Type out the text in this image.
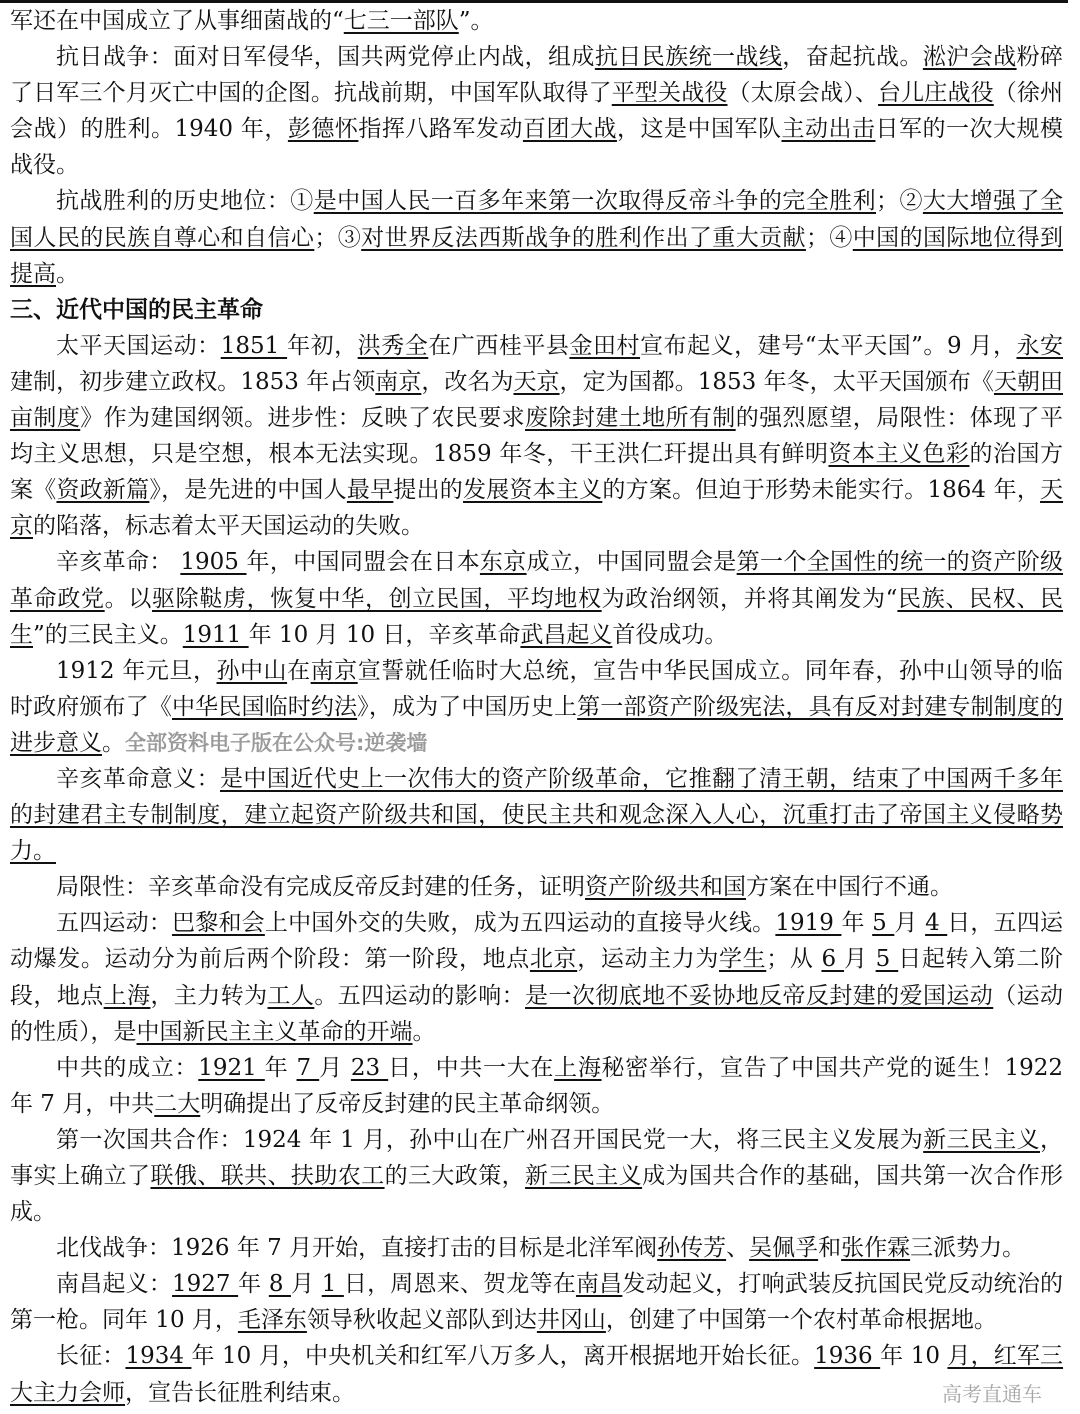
军还在中国成立了从事细菌战的“七三一部队”。

抗日战争：面对日军侵华，国共两党停止内战，组成抗日民族统一战线，奋起抗战。淞沪会战粉碎了日军三个月灭亡中国的企图。抗战前期，中国军队取得了平型关战役（太原会战）、台儿庄战役（徐州会战）的胜利。1940 年，彭德怀指挥八路军发动百团大战，这是中国军队主动出击日军的一次大规模战役。

抗战胜利的历史地位：①是中国人民一百多年来第一次取得反帝斗争的完全胜利；②大大增强了全国人民的民族自尊心和自信心；③对世界反法西斯战争的胜利作出了重大贡献；④中国的国际地位得到提高。

三、近代中国的民主革命

太平天国运动：1851 年初，洪秀全在广西桂平县金田村宣布起义，建号“太平天国”。9 月，永安建制，初步建立政权。1853 年占领南京，改名为天京，定为国都。1853 年冬，太平天国颁布《天朝田亩制度》作为建国纲领。进步性：反映了农民要求废除封建土地所有制的强烈愿望，局限性：体现了平均主义思想，只是空想，根本无法实现。1859 年冬，干王洪仁玕提出具有鲜明资本主义色彩的治国方案《资政新篇》，是先进的中国人最早提出的发展资本主义的方案。但迫于形势未能实行。1864 年，天京的陷落，标志着太平天国运动的失败。

辛亥革命： 1905 年，中国同盟会在日本东京成立，中国同盟会是第一个全国性的统一的资产阶级革命政党。以驱除鞑虏，恢复中华，创立民国，平均地权为政治纲领，并将其阐发为“民族、民权、民生”的三民主义。1911 年 10 月 10 日，辛亥革命武昌起义首役成功。

1912 年元旦，孙中山在南京宣誓就任临时大总统，宣告中华民国成立。同年春，孙中山领导的临时政府颁布了《中华民国临时约法》，成为了中国历史上第一部资产阶级宪法，具有反对封建专制制度的进步意义。全部资料电子版在公众号:逆袭墙

辛亥革命意义：是中国近代史上一次伟大的资产阶级革命，它推翻了清王朝，结束了中国两千多年的封建君主专制制度，建立起资产阶级共和国，使民主共和观念深入人心，沉重打击了帝国主义侵略势力。

局限性：辛亥革命没有完成反帝反封建的任务，证明资产阶级共和国方案在中国行不通。

五四运动：巴黎和会上中国外交的失败，成为五四运动的直接导火线。1919 年 5 月 4 日，五四运动爆发。运动分为前后两个阶段：第一阶段，地点北京，运动主力为学生；从 6 月 5 日起转入第二阶段，地点上海，主力转为工人。五四运动的影响：是一次彻底地不妥协地反帝反封建的爱国运动（运动的性质），是中国新民主主义革命的开端。

中共的成立：1921 年 7 月 23 日，中共一大在上海秘密举行，宣告了中国共产党的诞生！1922 年 7 月，中共二大明确提出了反帝反封建的民主革命纲领。

第一次国共合作：1924 年 1 月，孙中山在广州召开国民党一大，将三民主义发展为新三民主义，事实上确立了联俄、联共、扶助农工的三大政策，新三民主义成为国共合作的基础，国共第一次合作形成。

北伐战争：1926 年 7 月开始，直接打击的目标是北洋军阀孙传芳、吴佩孚和张作霖三派势力。

南昌起义：1927 年 8 月 1 日，周恩来、贺龙等在南昌发动起义，打响武装反抗国民党反动统治的第一枪。同年 10 月，毛泽东领导秋收起义部队到达井冈山，创建了中国第一个农村革命根据地。

长征：1934 年 10 月，中央机关和红军八万多人，离开根据地开始长征。1936 年 10 月，红军三大主力会师，宣告长征胜利结束。	高考直通车
